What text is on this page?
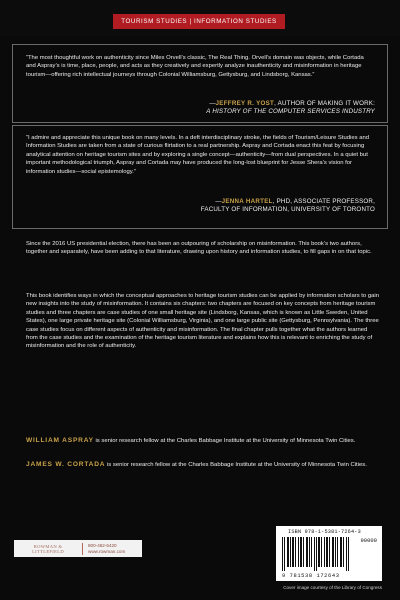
TOURISM STUDIES | INFORMATION STUDIES
“The most thoughtful work on authenticity since Miles Orvell’s classic, The Real Thing. Orvell’s domain was objects, while Cortada and Aspray’s is time, place, people, and acts as they creatively and expertly analyze inauthenticity and misinformation in heritage tourism—offering rich intellectual journeys through Colonial Williamsburg, Gettysburg, and Lindsborg, Kansas.”
—JEFFREY R. YOST, AUTHOR OF MAKING IT WORK:
A HISTORY OF THE COMPUTER SERVICES INDUSTRY
“I admire and appreciate this unique book on many levels. In a deft interdisciplinary stroke, the fields of Tourism/Leisure Studies and Information Studies are taken from a state of curious flirtation to a real partnership. Aspray and Cortada enact this feat by focusing analytical attention on heritage tourism sites and by exploring a single concept—authenticity—from dual perspectives. In a quiet but important methodological triumph, Aspray and Cortada may have produced the long-lost blueprint for Jesse Shera’s vision for information studies—social epistemology.”
—JENNA HARTEL, PHD, ASSOCIATE PROFESSOR,
FACULTY OF INFORMATION, UNIVERSITY OF TORONTO
Since the 2016 US presidential election, there has been an outpouring of scholarship on misinformation. This book’s two authors, together and separately, have been adding to that literature, drawing upon history and information studies, to fill gaps in on that topic.
This book identifies ways in which the conceptual approaches to heritage tourism studies can be applied by information scholars to gain new insights into the study of misinformation. It contains six chapters: two chapters are focused on key concepts from heritage tourism studies and three chapters are case studies of one small heritage site (Lindsborg, Kansas, which is known as Little Sweden, United States), one large private heritage site (Colonial Williamsburg, Virginia), and one large public site (Gettysburg, Pennsylvania). The three case studies focus on different aspects of authenticity and misinformation. The final chapter pulls together what the authors learned from the case studies and the examination of the heritage tourism literature and explains how this is relevant to enriching the study of misinformation and the role of authenticity.
WILLIAM ASPRAY is senior research fellow at the Charles Babbage Institute at the University of Minnesota Twin Cities.
JAMES W. CORTADA is senior research fellow at the Charles Babbage Institute at the University of Minnesota Twin Cities.
ROWMAN &
LITTLEFIELD
800-462-6420
www.rowman.com
ISBN 978-1-5381-7264-3
90000
9 781538 172643
Cover image courtesy of the Library of Congress
